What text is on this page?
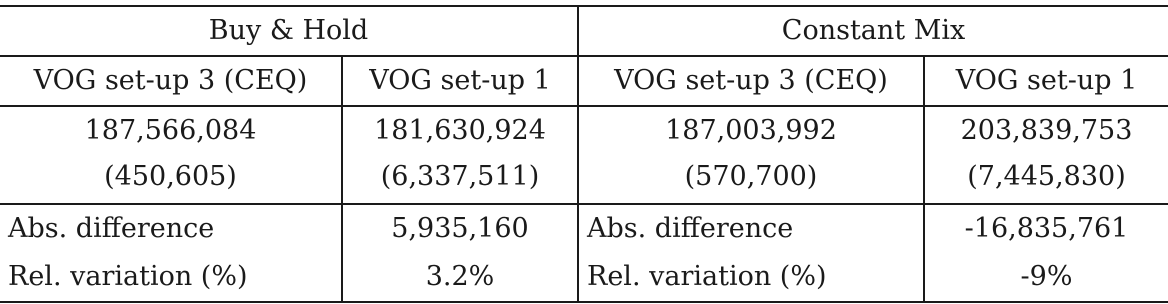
Buy & Hold		Constant Mix	
VOG set-up 3 (CEQ)	VOG set-up 1	VOG set-up 3 (CEQ)	VOG set-up 1
187,566,084	181,630,924	187,003,992	203,839,753
(450,605)	(6,337,511)	(570,700)	(7,445,830)
Abs. difference	5,935,160	Abs. difference	-16,835,761
Rel. variation (%)	3.2%	Rel. variation (%)	-9%
